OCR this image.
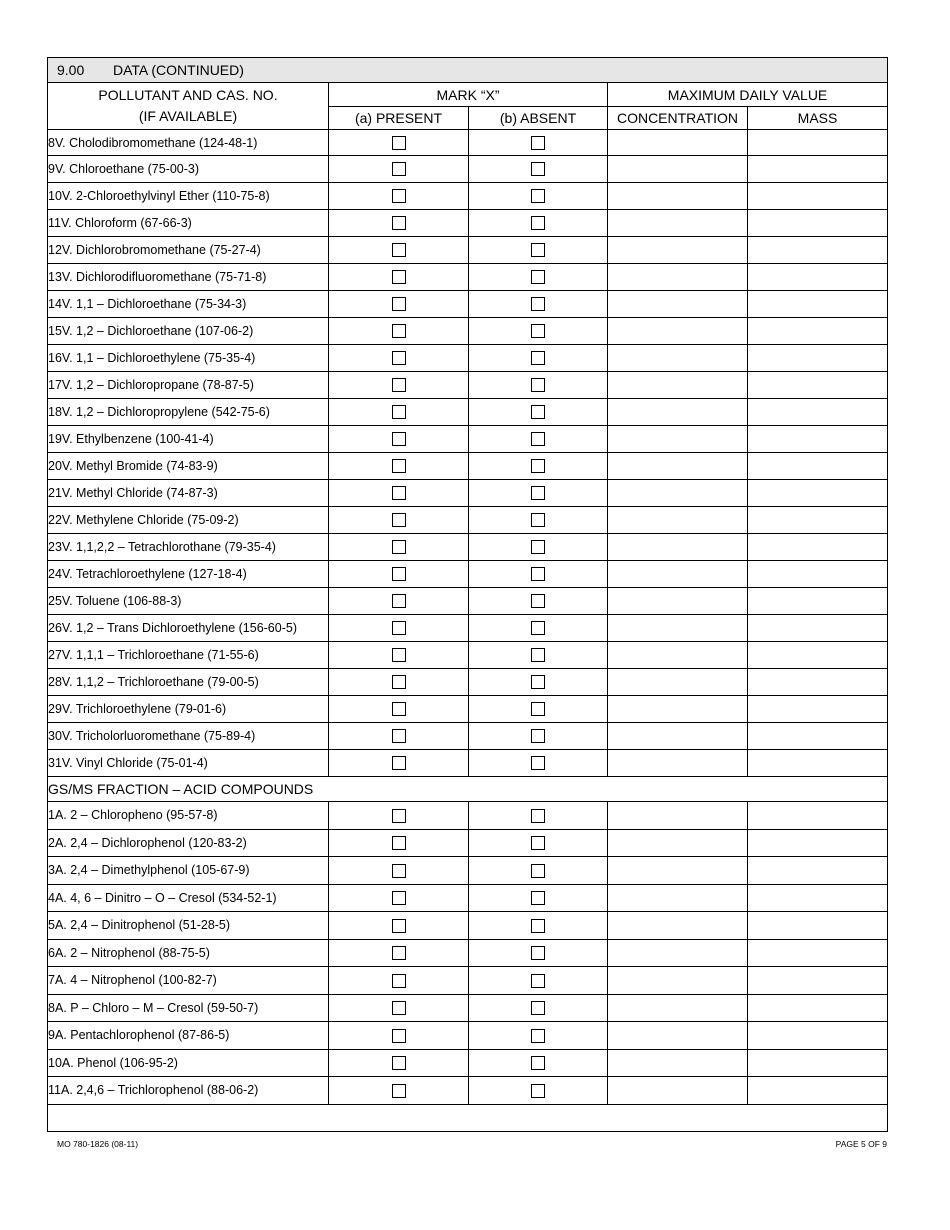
9.00 DATA (CONTINUED)				

POLLUTANT AND CAS. NO.
(IF AVAILABLE)	MARK “X”		MAXIMUM DAILY VALUE	
	(a) PRESENT	(b) ABSENT	CONCENTRATION	MASS
8V. Cholodibromomethane (124-48-1)				
9V. Chloroethane (75-00-3)				
10V. 2-Chloroethylvinyl Ether (110-75-8)				
11V. Chloroform (67-66-3)				
12V. Dichlorobromomethane (75-27-4)				
13V. Dichlorodifluoromethane (75-71-8)				
14V. 1,1 – Dichloroethane (75-34-3)				
15V. 1,2 – Dichloroethane (107-06-2)				
16V. 1,1 – Dichloroethylene (75-35-4)				
17V. 1,2 – Dichloropropane (78-87-5)				
18V. 1,2 – Dichloropropylene (542-75-6)				
19V. Ethylbenzene (100-41-4)				
20V. Methyl Bromide (74-83-9)				
21V. Methyl Chloride (74-87-3)				
22V. Methylene Chloride (75-09-2)				
23V. 1,1,2,2 – Tetrachlorothane (79-35-4)				
24V. Tetrachloroethylene (127-18-4)				
25V. Toluene (106-88-3)				
26V. 1,2 – Trans Dichloroethylene (156-60-5)				
27V. 1,1,1 – Trichloroethane (71-55-6)				
28V. 1,1,2 – Trichloroethane (79-00-5)				
29V. Trichloroethylene (79-01-6)				
30V. Tricholorluoromethane (75-89-4)				
31V. Vinyl Chloride (75-01-4)				
GS/MS FRACTION – ACID COMPOUNDS				
1A. 2 – Chloropheno (95-57-8)				
2A. 2,4 – Dichlorophenol (120-83-2)				
3A. 2,4 – Dimethylphenol (105-67-9)				
4A. 4, 6 – Dinitro – O – Cresol (534-52-1)				
5A. 2,4 – Dinitrophenol (51-28-5)				
6A. 2 – Nitrophenol (88-75-5)				
7A. 4 – Nitrophenol (100-82-7)				
8A. P – Chloro – M – Cresol (59-50-7)				
9A. Pentachlorophenol (87-86-5)				
10A. Phenol (106-95-2)				
11A. 2,4,6 – Trichlorophenol (88-06-2)				

MO 780-1826 (08-11)	PAGE 5 OF 9
